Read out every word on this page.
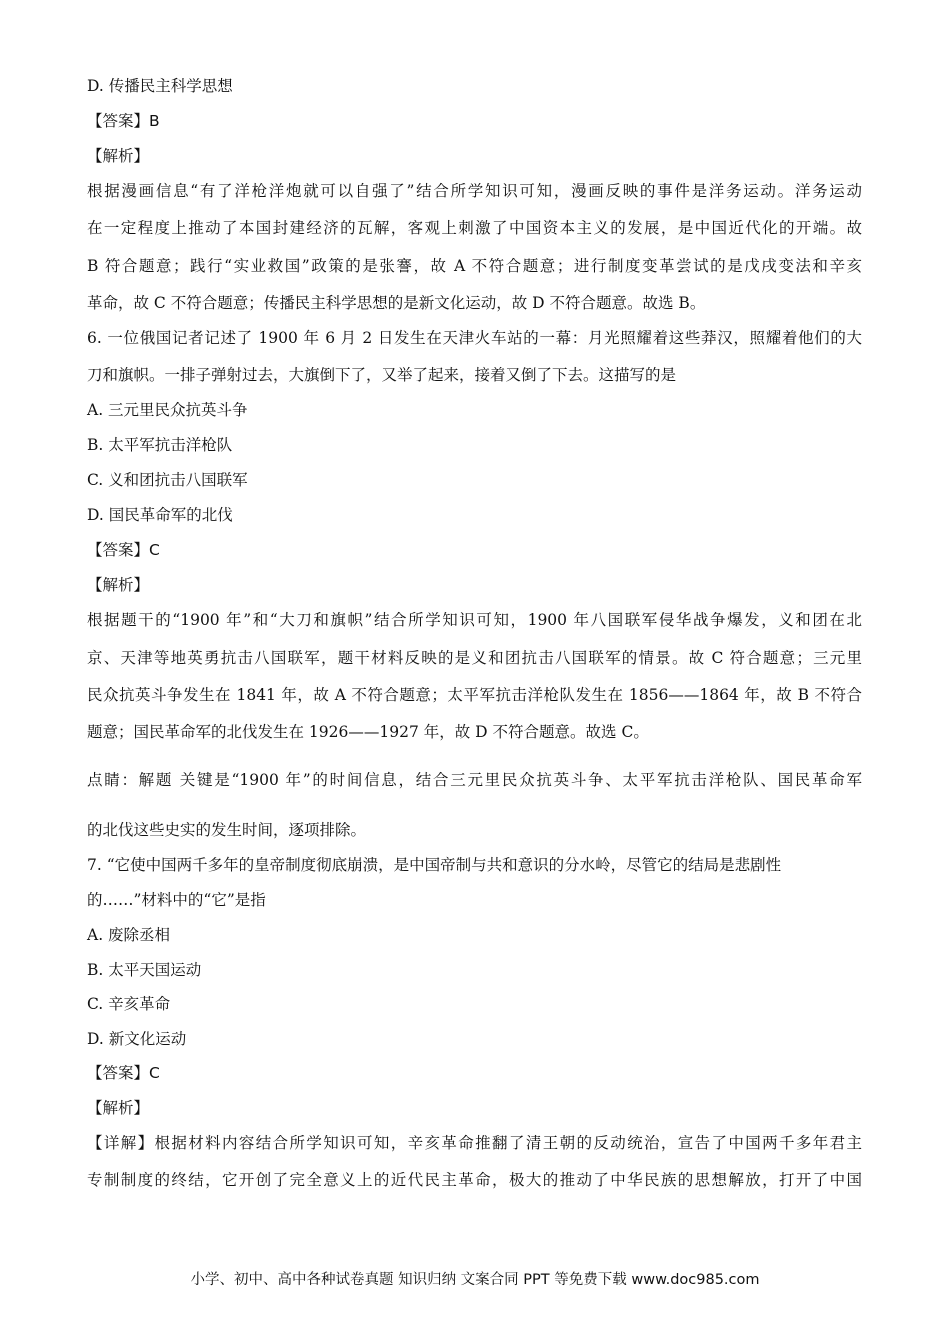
D. 传播民主科学思想
【答案】B
【解析】
根据漫画信息“有了洋枪洋炮就可以自强了”结合所学知识可知，漫画反映的事件是洋务运动。洋务运动
在一定程度上推动了本国封建经济的瓦解，客观上刺激了中国资本主义的发展，是中国近代化的开端。故
B 符合题意；践行“实业救国”政策的是张謇，故 A 不符合题意；进行制度变革尝试的是戊戌变法和辛亥
革命，故 C 不符合题意；传播民主科学思想的是新文化运动，故 D 不符合题意。故选 B。
6. 一位俄国记者记述了 1900 年 6 月 2 日发生在天津火车站的一幕：月光照耀着这些莽汉，照耀着他们的大
刀和旗帜。一排子弹射过去，大旗倒下了，又举了起来，接着又倒了下去。这描写的是
A. 三元里民众抗英斗争
B. 太平军抗击洋枪队
C. 义和团抗击八国联军
D. 国民革命军的北伐
【答案】C
【解析】
根据题干的“1900 年”和“大刀和旗帜”结合所学知识可知，1900 年八国联军侵华战争爆发，义和团在北
京、天津等地英勇抗击八国联军，题干材料反映的是义和团抗击八国联军的情景。故 C 符合题意；三元里
民众抗英斗争发生在 1841 年，故 A 不符合题意；太平军抗击洋枪队发生在 1856——1864 年，故 B 不符合
题意；国民革命军的北伐发生在 1926——1927 年，故 D 不符合题意。故选 C。
点睛：解题 关键是“1900 年”的时间信息，结合三元里民众抗英斗争、太平军抗击洋枪队、国民革命军
的北伐这些史实的发生时间，逐项排除。
7. “它使中国两千多年的皇帝制度彻底崩溃，是中国帝制与共和意识的分水岭，尽管它的结局是悲剧性
的……”材料中的“它”是指
A. 废除丞相
B. 太平天国运动
C. 辛亥革命
D. 新文化运动
【答案】C
【解析】
【详解】根据材料内容结合所学知识可知，辛亥革命推翻了清王朝的反动统治，宣告了中国两千多年君主
专制制度的终结，它开创了完全意义上的近代民主革命，极大的推动了中华民族的思想解放，打开了中国
小学、初中、高中各种试卷真题 知识归纳 文案合同 PPT 等免费下载 www.doc985.com
